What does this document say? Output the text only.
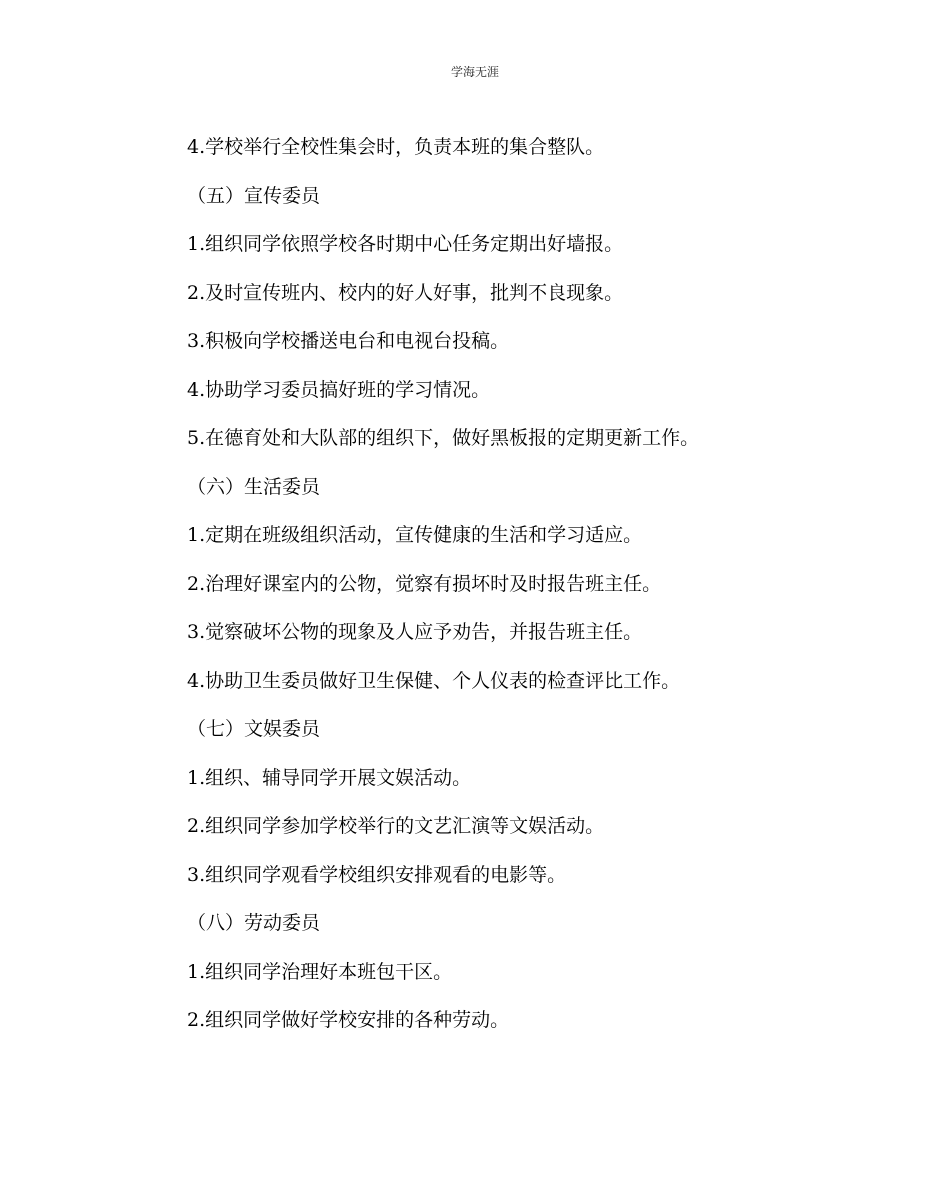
学海无涯
4.学校举行全校性集会时，负责本班的集合整队。
（五）宣传委员
1.组织同学依照学校各时期中心任务定期出好墙报。
2.及时宣传班内、校内的好人好事，批判不良现象。
3.积极向学校播送电台和电视台投稿。
4.协助学习委员搞好班的学习情况。
5.在德育处和大队部的组织下，做好黑板报的定期更新工作。
（六）生活委员
1.定期在班级组织活动，宣传健康的生活和学习适应。
2.治理好课室内的公物，觉察有损坏时及时报告班主任。
3.觉察破坏公物的现象及人应予劝告，并报告班主任。
4.协助卫生委员做好卫生保健、个人仪表的检查评比工作。
（七）文娱委员
1.组织、辅导同学开展文娱活动。
2.组织同学参加学校举行的文艺汇演等文娱活动。
3.组织同学观看学校组织安排观看的电影等。
（八）劳动委员
1.组织同学治理好本班包干区。
2.组织同学做好学校安排的各种劳动。
